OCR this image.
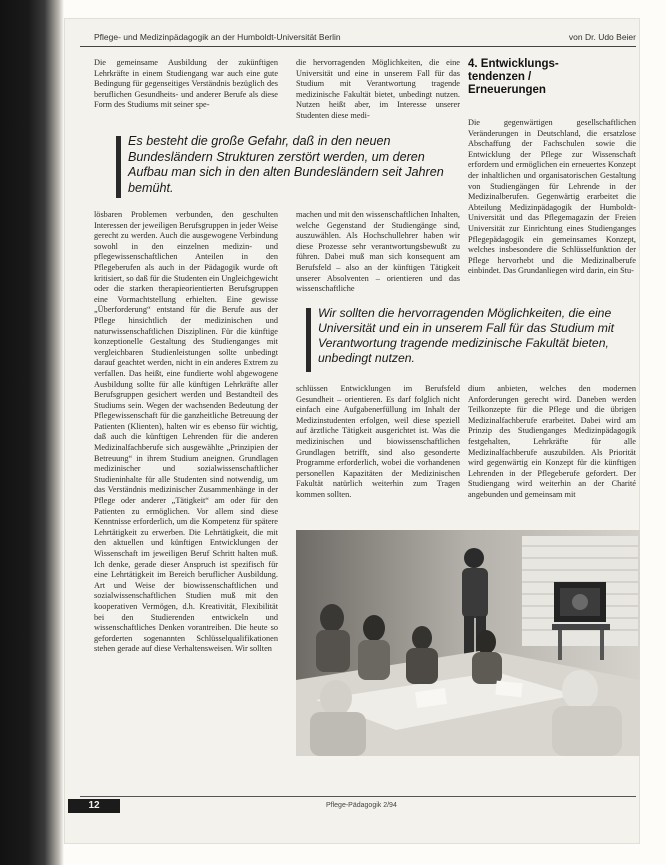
Pflege- und Medizinpädagogik an der Humboldt-Universität Berlin	von Dr. Udo Beier

Die gemeinsame Ausbildung der zukünftigen Lehrkräfte in einem Studiengang war auch eine gute Bedingung für gegenseitiges Verständnis bezüglich des beruflichen Gesundheits- und anderer Berufe als diese Form des Studiums mit seiner spe-

die hervorragenden Möglichkeiten, die eine Universität und eine in unserem Fall für das Studium mit Verantwortung tragende medizinische Fakultät bietet, unbedingt nutzen. Nutzen heißt aber, im Interesse unserer Studenten diese medi-

4. Entwicklungs-
tendenzen /
Erneuerungen

Die gegenwärtigen gesellschaftlichen Veränderungen in Deutschland, die ersatzlose Abschaffung der Fachschulen sowie die Entwicklung der Pflege zur Wissenschaft erfordern und ermöglichen ein erneuertes Konzept der inhaltlichen und organisatorischen Gestaltung von Studiengängen für Lehrende in der Medizinalberufen. Gegenwärtig erarbeitet die Abteilung Medizinpädagogik der Humboldt-Universität und das Pflegemagazin der Freien Universität zur Einrichtung eines Studienganges Pflegepädagogik ein gemeinsames Konzept, welches insbesondere die Schlüsselfunktion der Pflege hervorhebt und die Medizinalberufe einbindet. Das Grundanliegen wird darin, ein Stu-

Es besteht die große Gefahr, daß in den neuen Bundesländern Strukturen zerstört werden, um deren Aufbau man sich in den alten Bundesländern seit Jahren bemüht.

lösbaren Problemen verbunden, den geschulten Interessen der jeweiligen Berufsgruppen in jeder Weise gerecht zu werden. Auch die ausgewogene Verbindung sowohl in den einzelnen medizin- und pflegewissenschaftlichen Anteilen in den Pflegeberufen als auch in der Pädagogik wurde oft kritisiert, so daß für die Studenten ein Ungleichgewicht oder die starken therapieorientierten Berufsgruppen eine Vormachtstellung erhielten. Eine gewisse „Überforderung“ entstand für die Berufe aus der Pflege hinsichtlich der medizinischen und naturwissenschaftlichen Disziplinen. Für die künftige konzeptionelle Gestaltung des Studienganges mit vergleichbaren Studienleistungen sollte unbedingt darauf geachtet werden, nicht in ein anderes Extrem zu verfallen. Das heißt, eine fundierte wohl abgewogene Ausbildung sollte für alle künftigen Lehrkräfte aller Berufsgruppen gesichert werden und Bestandteil des Studiums sein. Wegen der wachsenden Bedeutung der Pflegewissenschaft für die ganzheitliche Betreuung der Patienten (Klienten), halten wir es ebenso für wichtig, daß auch die künftigen Lehrenden für die anderen Medizinalfachberufe sich ausgewählte „Prinzipien der Betreuung“ in ihrem Studium aneignen. Grundlagen medizinischer und sozialwissenschaftlicher Studieninhalte für alle Studenten sind notwendig, um das Verständnis medizinischer Zusammenhänge in der Pflege oder anderer „Tätigkeit“ am oder für den Patienten zu ermöglichen. Vor allem sind diese Kenntnisse erforderlich, um die Kompetenz für spätere Lehrtätigkeit zu erwerben. Die Lehrtätigkeit, die mit den aktuellen und künftigen Entwicklungen der Wissenschaft im jeweiligen Beruf Schritt halten muß. Ich denke, gerade dieser Anspruch ist spezifisch für eine Lehrtätigkeit im Bereich beruflicher Ausbildung. Art und Weise der biowissenschaftlichen und sozialwissenschaftlichen Studien muß mit den kooperativen Vermögen, d.h. Kreativität, Flexibilität bei den Studierenden entwickeln und wissenschaftliches Denken vorantreiben. Die heute so geforderten sogenannten Schlüsselqualifikationen stehen gerade auf diese Verhaltensweisen. Wir sollten

machen und mit den wissenschaftlichen Inhalten, welche Gegenstand der Studiengänge sind, auszuwählen. Als Hochschullehrer haben wir diese Prozesse sehr verantwortungsbewußt zu führen. Dabei muß man sich konsequent am Berufsfeld – also an der künftigen Tätigkeit unserer Absolventen – orientieren und das wissenschaftliche

Wir sollten die hervorragenden Möglichkeiten, die eine Universität und ein in unserem Fall für das Studium mit Verantwortung tragende medizinische Fakultät bieten, unbedingt nutzen.

schlüssen Entwicklungen im Berufsfeld Gesundheit – orientieren. Es darf folglich nicht einfach eine Aufgabenerfüllung im Inhalt der Medizinstudenten erfolgen, weil diese speziell auf ärztliche Tätigkeit ausgerichtet ist. Was die medizinischen und biowissenschaftlichen Grundlagen betrifft, sind also gesonderte Programme erforderlich, wobei die vorhandenen personellen Kapazitäten der Medizinischen Fakultät natürlich weiterhin zum Tragen kommen sollten.

dium anbieten, welches den modernen Anforderungen gerecht wird. Daneben werden Teilkonzepte für die Pflege und die übrigen Medizinalfachberufe erarbeitet. Dabei wird am Prinzip des Studienganges Medizinpädagogik festgehalten, Lehrkräfte für alle Medizinalfachberufe auszubilden. Als Priorität wird gegenwärtig ein Konzept für die künftigen Lehrenden in der Pflegeberufe gefordert. Der Studiengang wird weiterhin an der Charité angebunden und gemeinsam mit

12	Pflege-Pädagogik 2/94
